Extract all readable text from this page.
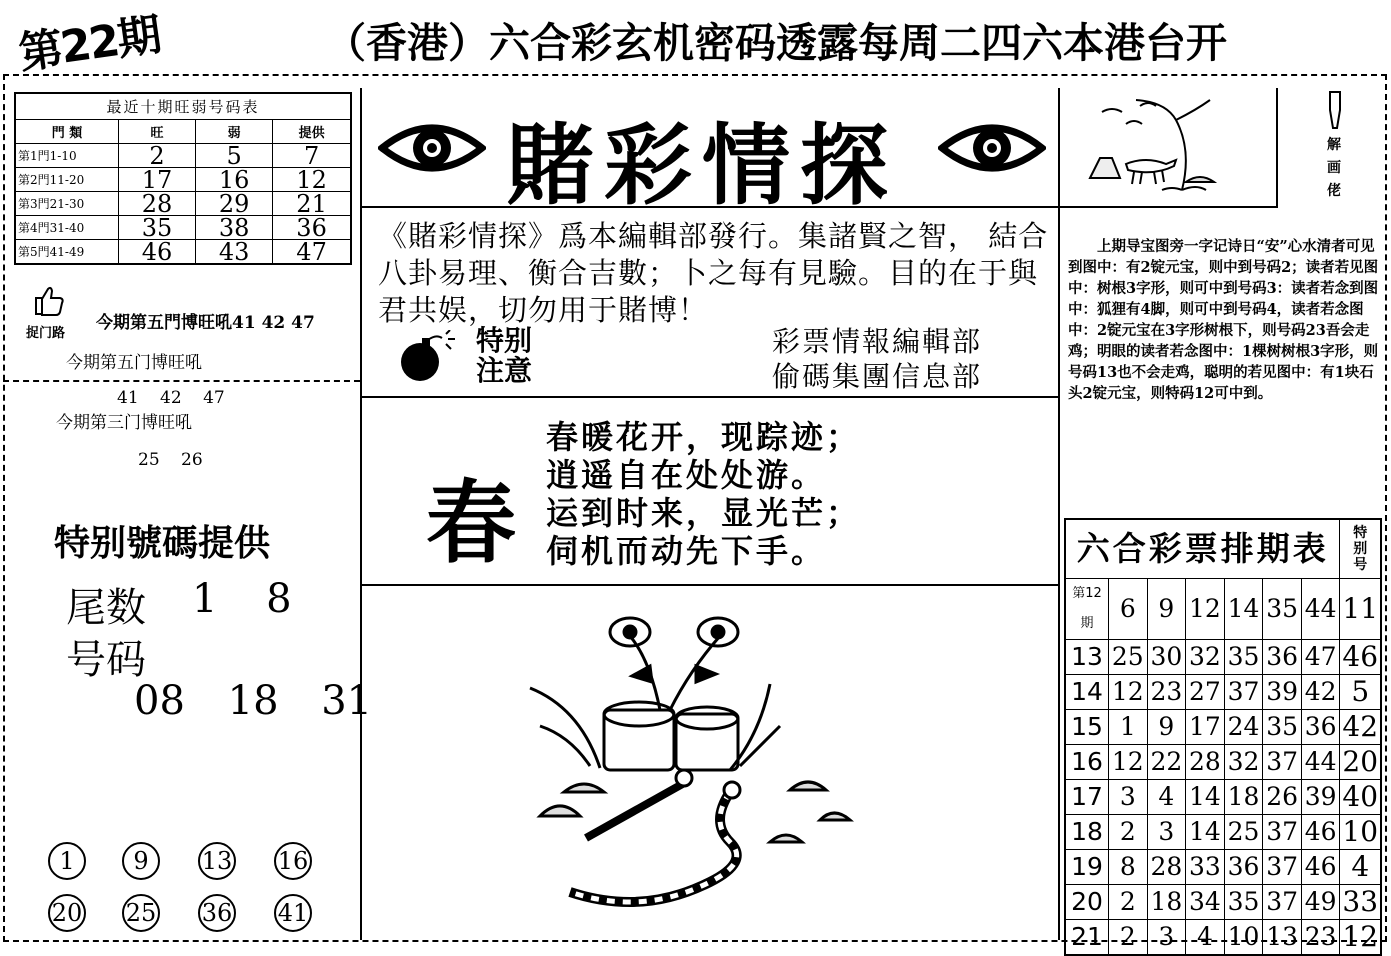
第22期	（香港）六合彩玄机密码透露每周二四六本港台开
最近十期旺弱号码表			
門 類	旺	弱	提供
第1門1-10	2	5	7
第2門11-20	17	16	12
第3門21-30	28	29	21
第4門31-40	35	38	36
第5門41-49	46	43	47
捉门路
今期第五門博旺吼41 42 47
今期第五门博旺吼
41 42 47
今期第三门博旺吼
25 26
特别號碼提供
尾数 1 8
号码
08 18 31
1	9	13 16
20 25 36 41
賭彩情探
《賭彩情探》爲本編輯部發行。集諸賢之智， 結合八卦易理、衡合吉數；卜之每有見驗。目的在于與君共娱，切勿用于賭博！
特别
注意
彩票情報編輯部
偷碼集團信息部
春
春暖花开，现踪迹；
逍遥自在处处游。
运到时来，显光芒；
伺机而动先下手。
解
画
佬
上期导宝图旁一字记诗日“安”心水清者可见到图中：有2锭元宝，则中到号码2；读者若见图中：树根3字形，则可中到号码3：读者若念到图中：狐狸有4脚，则可中到号码4，读者若念图中：2锭元宝在3字形树根下，则号码23吾会走鸡；明眼的读者若念图中：1棵树树根3字形，则号码13也不会走鸡，聪明的若见图中：有1块石头2锭元宝，则特码12可中到。
六合彩票排期表							特
别
号

第12期	6	9	12	14	35	44	11
13	25	30	32	35	36	47	46
14	12	23	27	37	39	42	5
15	1	9	17	24	35	36	42
16	12	22	28	32	37	44	20
17	3	4	14	18	26	39	40
18	2	3	14	25	37	46	10
19	8	28	33	36	37	46	4
20	2	18	34	35	37	49	33
21	2	3	4	10	13	23	12
